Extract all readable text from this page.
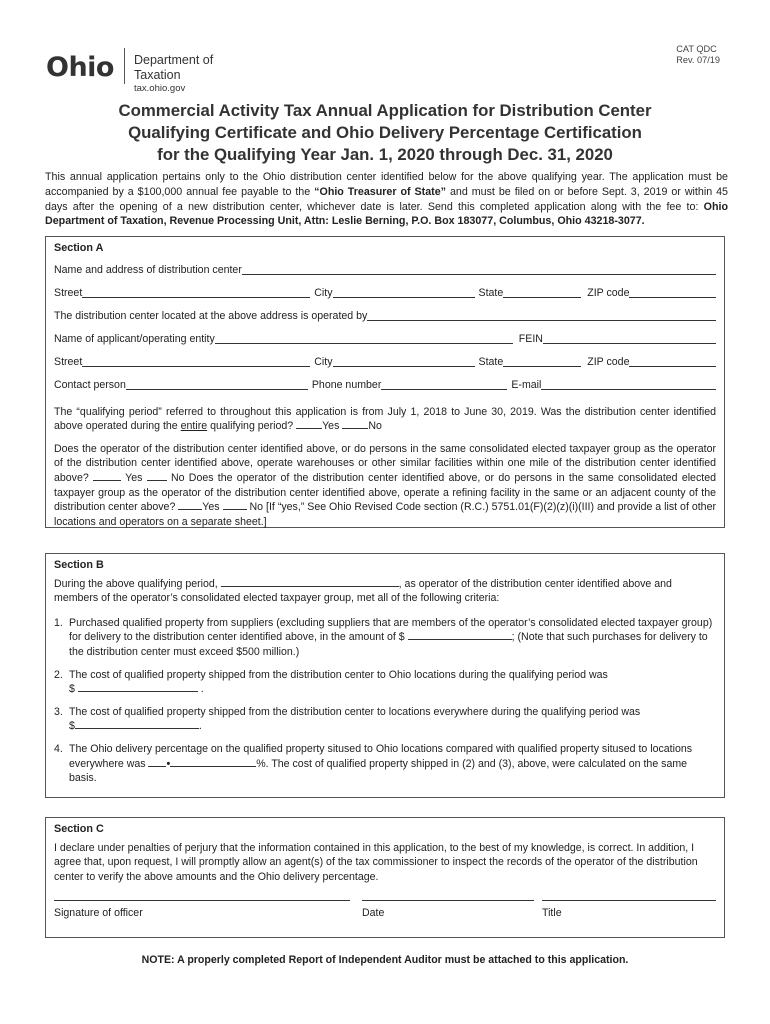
Ohio Department of
Taxation
tax.ohio.gov
CAT QDC
Rev. 07/19
Commercial Activity Tax Annual Application for Distribution Center
Qualifying Certificate and Ohio Delivery Percentage Certification
for the Qualifying Year Jan. 1, 2020 through Dec. 31, 2020
This annual application pertains only to the Ohio distribution center identified below for the above qualifying year. The application must be accompanied by a $100,000 annual fee payable to the “Ohio Treasurer of State” and must be filed on or before Sept. 3, 2019 or within 45 days after the opening of a new distribution center, whichever date is later. Send this completed application along with the fee to: Ohio Department of Taxation, Revenue Processing Unit, Attn: Leslie Berning, P.O. Box 183077, Columbus, Ohio 43218-3077.
Section A
Name and address of distribution center
Street	City	State	ZIP code
The distribution center located at the above address is operated by
Name of applicant/operating entity	FEIN
Street	City	State	ZIP code
Contact person	Phone number	E-mail
The “qualifying period” referred to throughout this application is from July 1, 2018 to June 30, 2019. Was the distribution center identified above operated during the entire qualifying period? Yes	No
Does the operator of the distribution center identified above, or do persons in the same consolidated elected taxpayer group as the operator of the distribution center identified above, operate warehouses or other similar facilities within one mile of the distribution center identified above?	Yes	No Does the operator of the distribution center identified above, or do persons in the same consolidated elected taxpayer group as the operator of the distribution center identified above, operate a refining facility in the same or an adjacent county of the distribution center above? Yes	No [If “yes,” See Ohio Revised Code section (R.C.) 5751.01(F)(2)(z)(i)(III) and provide a list of other locations and operators on a separate sheet.]
Section B
During the above qualifying period,	, as operator of the distribution center identified above and members of the operator’s consolidated elected taxpayer group, met all of the following criteria:
1. Purchased qualified property from suppliers (excluding suppliers that are members of the operator’s consolidated elected taxpayer group) for delivery to the distribution center identified above, in the amount of $	; (Note that such purchases for delivery to the distribution center must exceed $500 million.)
2. The cost of qualified property shipped from the distribution center to Ohio locations during the qualifying period was
$	.
3. The cost of qualified property shipped from the distribution center to locations everywhere during the qualifying period was
$	.
4. The Ohio delivery percentage on the qualified property sitused to Ohio locations compared with qualified property sitused to locations everywhere was •	%. The cost of qualified property shipped in (2) and (3), above, were calculated on the same basis.
Section C
I declare under penalties of perjury that the information contained in this application, to the best of my knowledge, is correct. In addition, I agree that, upon request, I will promptly allow an agent(s) of the tax commissioner to inspect the records of the operator of the distribution center to verify the above amounts and the Ohio delivery percentage.
Signature of officer	Date	Title
NOTE: A properly completed Report of Independent Auditor must be attached to this application.
